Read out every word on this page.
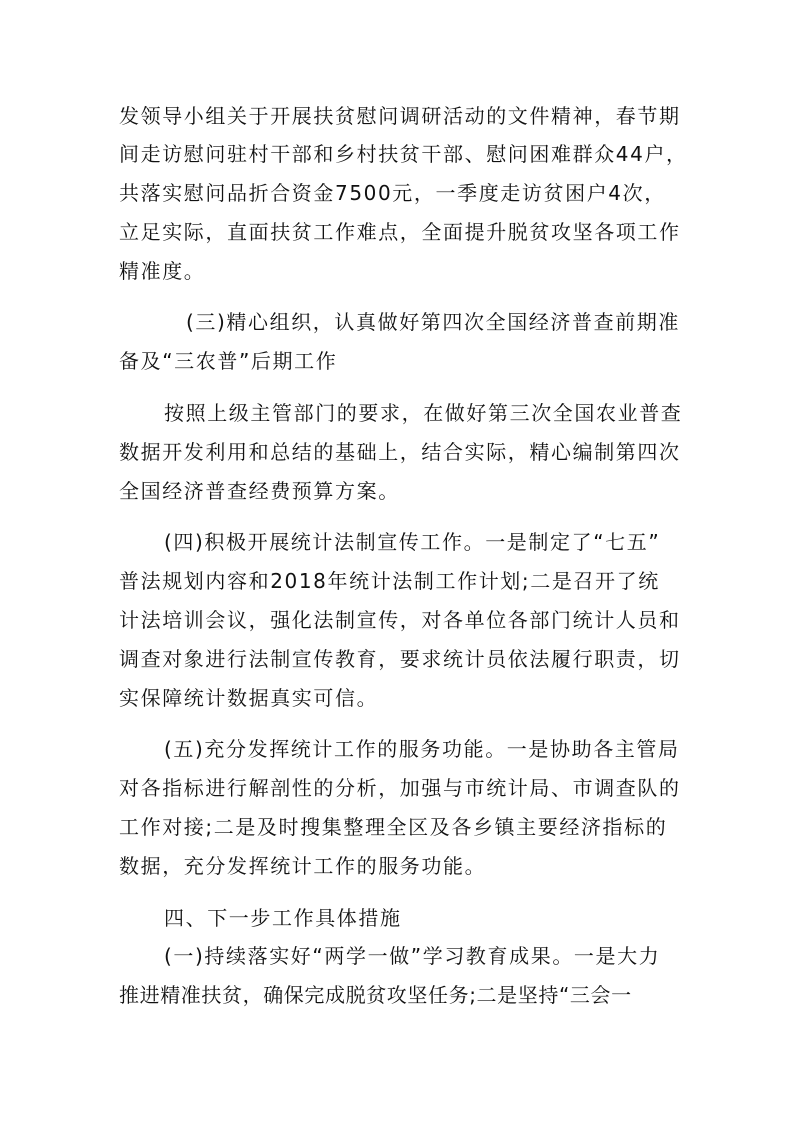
发领导小组关于开展扶贫慰问调研活动的文件精神，春节期

间走访慰问驻村干部和乡村扶贫干部、慰问困难群众44户，

共落实慰问品折合资金7500元，一季度走访贫困户4次，

立足实际，直面扶贫工作难点，全面提升脱贫攻坚各项工作

精准度。

(三)精心组织，认真做好第四次全国经济普查前期准

备及“三农普”后期工作

按照上级主管部门的要求，在做好第三次全国农业普查

数据开发利用和总结的基础上，结合实际，精心编制第四次

全国经济普查经费预算方案。

(四)积极开展统计法制宣传工作。一是制定了“七五”

普法规划内容和2018年统计法制工作计划;二是召开了统

计法培训会议，强化法制宣传，对各单位各部门统计人员和

调查对象进行法制宣传教育，要求统计员依法履行职责，切

实保障统计数据真实可信。

(五)充分发挥统计工作的服务功能。一是协助各主管局

对各指标进行解剖性的分析，加强与市统计局、市调查队的

工作对接;二是及时搜集整理全区及各乡镇主要经济指标的

数据，充分发挥统计工作的服务功能。

四、下一步工作具体措施

(一)持续落实好“两学一做”学习教育成果。一是大力

推进精准扶贫，确保完成脱贫攻坚任务;二是坚持“三会一
